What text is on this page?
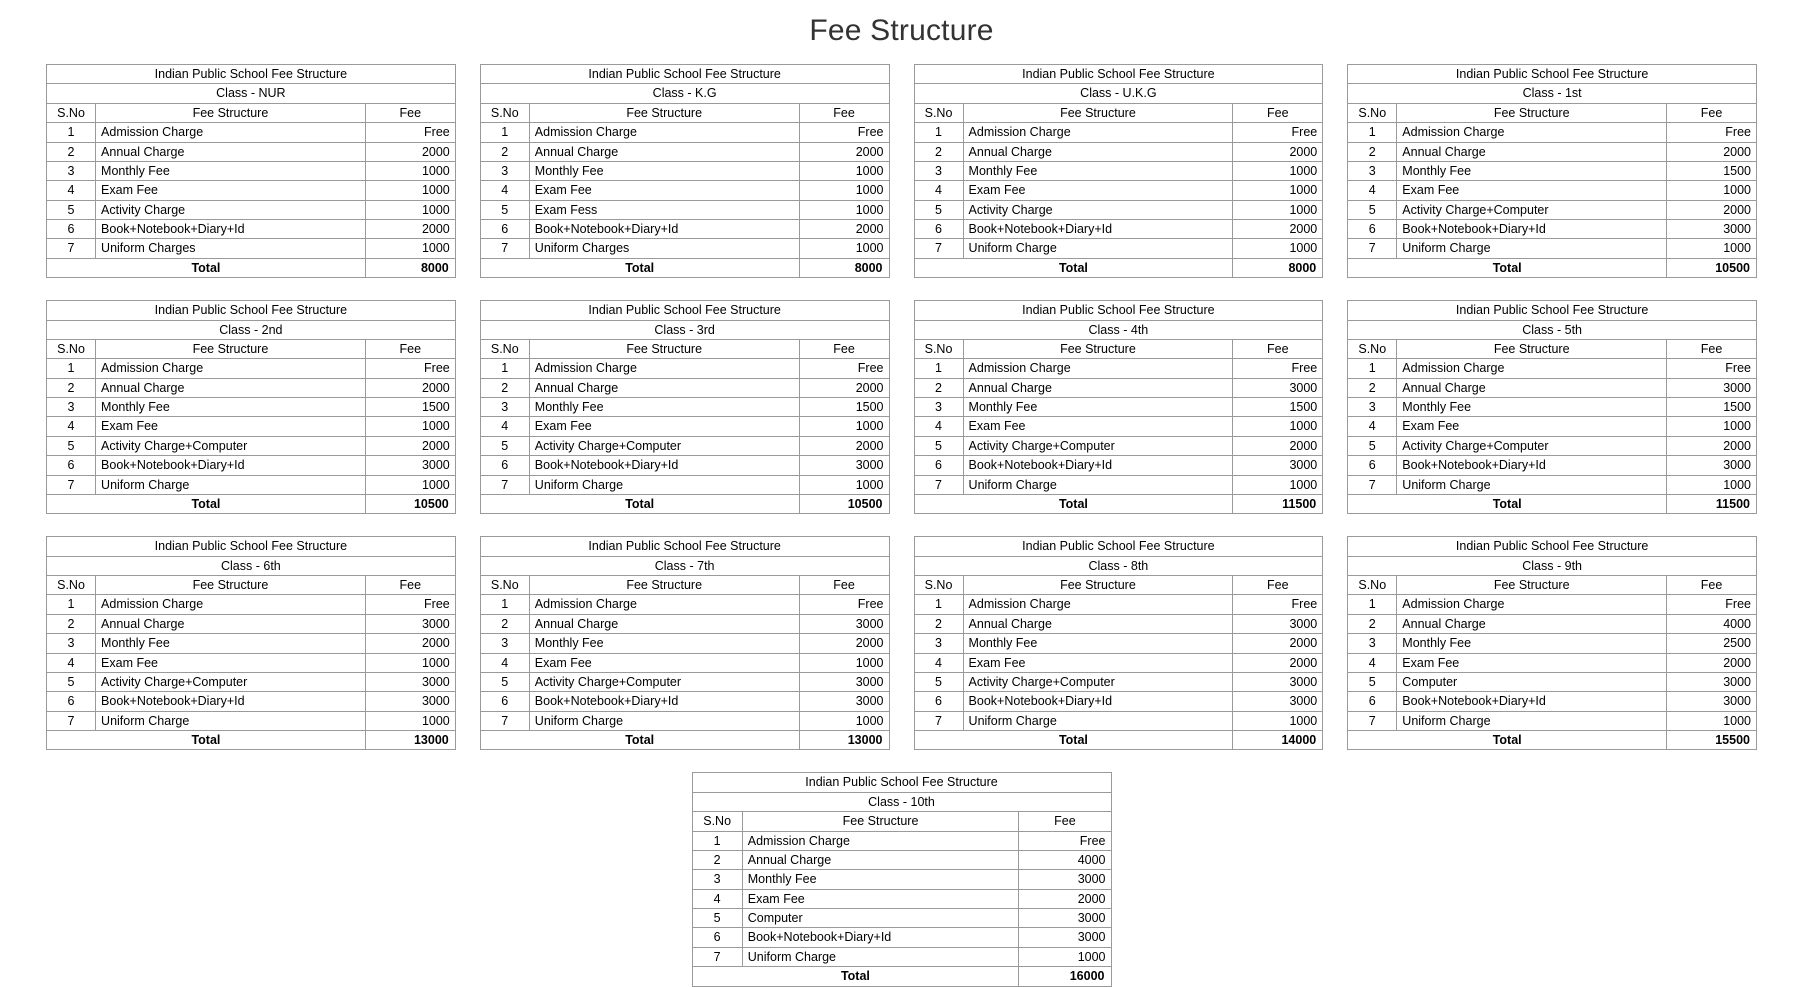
Fee Structure
Indian Public School Fee Structure		
Class - NUR		
S.No	Fee Structure	Fee
1	Admission Charge	Free
2	Annual Charge	2000
3	Monthly Fee	1000
4	Exam Fee	1000
5	Activity Charge	1000
6	Book+Notebook+Diary+Id	2000
7	Uniform Charges	1000
Total		8000
Indian Public School Fee Structure		
Class - K.G		
S.No	Fee Structure	Fee
1	Admission Charge	Free
2	Annual Charge	2000
3	Monthly Fee	1000
4	Exam Fee	1000
5	Exam Fess	1000
6	Book+Notebook+Diary+Id	2000
7	Uniform Charges	1000
Total		8000
Indian Public School Fee Structure		
Class - U.K.G		
S.No	Fee Structure	Fee
1	Admission Charge	Free
2	Annual Charge	2000
3	Monthly Fee	1000
4	Exam Fee	1000
5	Activity Charge	1000
6	Book+Notebook+Diary+Id	2000
7	Uniform Charge	1000
Total		8000
Indian Public School Fee Structure		
Class - 1st		
S.No	Fee Structure	Fee
1	Admission Charge	Free
2	Annual Charge	2000
3	Monthly Fee	1500
4	Exam Fee	1000
5	Activity Charge+Computer	2000
6	Book+Notebook+Diary+Id	3000
7	Uniform Charge	1000
Total		10500
Indian Public School Fee Structure		
Class - 2nd		
S.No	Fee Structure	Fee
1	Admission Charge	Free
2	Annual Charge	2000
3	Monthly Fee	1500
4	Exam Fee	1000
5	Activity Charge+Computer	2000
6	Book+Notebook+Diary+Id	3000
7	Uniform Charge	1000
Total		10500
Indian Public School Fee Structure		
Class - 3rd		
S.No	Fee Structure	Fee
1	Admission Charge	Free
2	Annual Charge	2000
3	Monthly Fee	1500
4	Exam Fee	1000
5	Activity Charge+Computer	2000
6	Book+Notebook+Diary+Id	3000
7	Uniform Charge	1000
Total		10500
Indian Public School Fee Structure		
Class - 4th		
S.No	Fee Structure	Fee
1	Admission Charge	Free
2	Annual Charge	3000
3	Monthly Fee	1500
4	Exam Fee	1000
5	Activity Charge+Computer	2000
6	Book+Notebook+Diary+Id	3000
7	Uniform Charge	1000
Total		11500
Indian Public School Fee Structure		
Class - 5th		
S.No	Fee Structure	Fee
1	Admission Charge	Free
2	Annual Charge	3000
3	Monthly Fee	1500
4	Exam Fee	1000
5	Activity Charge+Computer	2000
6	Book+Notebook+Diary+Id	3000
7	Uniform Charge	1000
Total		11500
Indian Public School Fee Structure		
Class - 6th		
S.No	Fee Structure	Fee
1	Admission Charge	Free
2	Annual Charge	3000
3	Monthly Fee	2000
4	Exam Fee	1000
5	Activity Charge+Computer	3000
6	Book+Notebook+Diary+Id	3000
7	Uniform Charge	1000
Total		13000
Indian Public School Fee Structure		
Class - 7th		
S.No	Fee Structure	Fee
1	Admission Charge	Free
2	Annual Charge	3000
3	Monthly Fee	2000
4	Exam Fee	1000
5	Activity Charge+Computer	3000
6	Book+Notebook+Diary+Id	3000
7	Uniform Charge	1000
Total		13000
Indian Public School Fee Structure		
Class - 8th		
S.No	Fee Structure	Fee
1	Admission Charge	Free
2	Annual Charge	3000
3	Monthly Fee	2000
4	Exam Fee	2000
5	Activity Charge+Computer	3000
6	Book+Notebook+Diary+Id	3000
7	Uniform Charge	1000
Total		14000
Indian Public School Fee Structure		
Class - 9th		
S.No	Fee Structure	Fee
1	Admission Charge	Free
2	Annual Charge	4000
3	Monthly Fee	2500
4	Exam Fee	2000
5	Computer	3000
6	Book+Notebook+Diary+Id	3000
7	Uniform Charge	1000
Total		15500
Indian Public School Fee Structure		
Class - 10th		
S.No	Fee Structure	Fee
1	Admission Charge	Free
2	Annual Charge	4000
3	Monthly Fee	3000
4	Exam Fee	2000
5	Computer	3000
6	Book+Notebook+Diary+Id	3000
7	Uniform Charge	1000
Total		16000
